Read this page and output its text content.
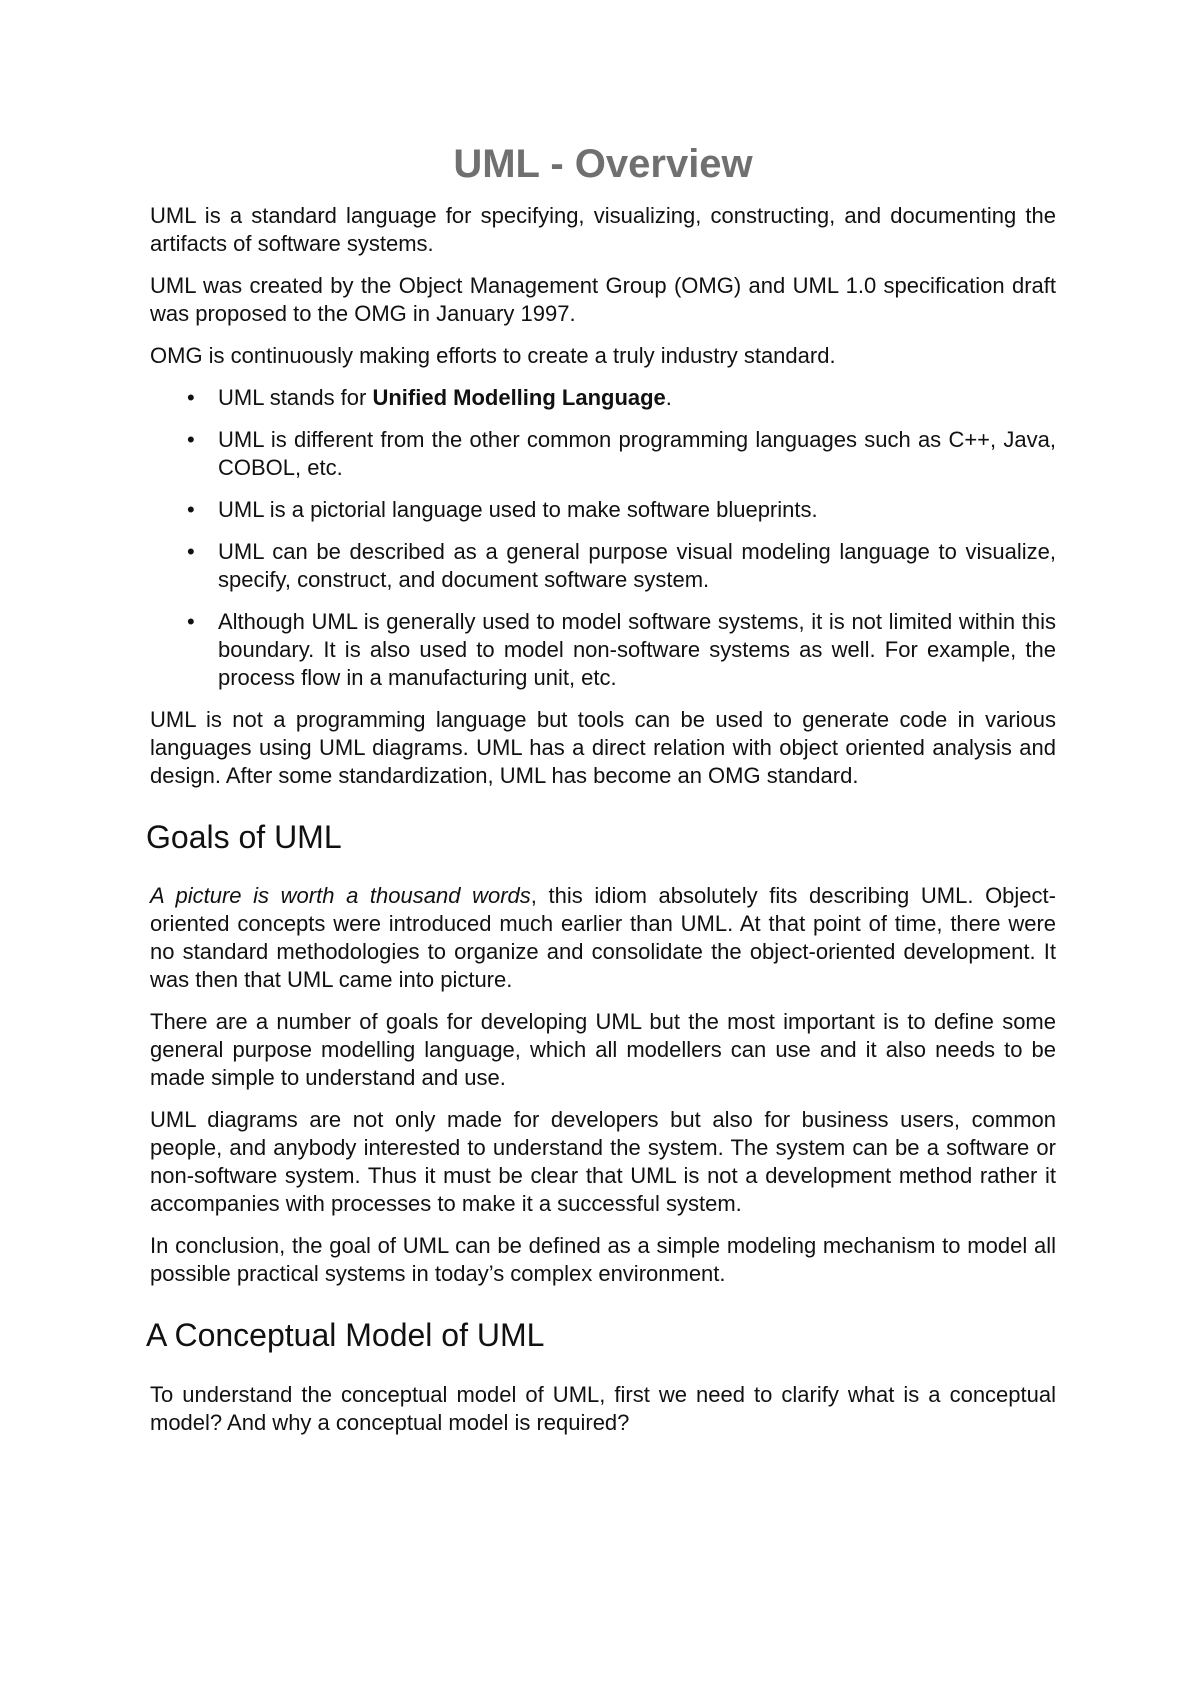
UML - Overview

UML is a standard language for specifying, visualizing, constructing, and documenting the artifacts of software systems.

UML was created by the Object Management Group (OMG) and UML 1.0 specification draft was proposed to the OMG in January 1997.

OMG is continuously making efforts to create a truly industry standard.

• UML stands for Unified Modelling Language.
• UML is different from the other common programming languages such as C++, Java, COBOL, etc.
• UML is a pictorial language used to make software blueprints.
• UML can be described as a general purpose visual modeling language to visualize, specify, construct, and document software system.
• Although UML is generally used to model software systems, it is not limited within this boundary. It is also used to model non-software systems as well. For example, the process flow in a manufacturing unit, etc.

UML is not a programming language but tools can be used to generate code in various languages using UML diagrams. UML has a direct relation with object oriented analysis and design. After some standardization, UML has become an OMG standard.

Goals of UML

A picture is worth a thousand words, this idiom absolutely fits describing UML. Object-oriented concepts were introduced much earlier than UML. At that point of time, there were no standard methodologies to organize and consolidate the object-oriented development. It was then that UML came into picture.

There are a number of goals for developing UML but the most important is to define some general purpose modelling language, which all modellers can use and it also needs to be made simple to understand and use.

UML diagrams are not only made for developers but also for business users, common people, and anybody interested to understand the system. The system can be a software or non-software system. Thus it must be clear that UML is not a development method rather it accompanies with processes to make it a successful system.

In conclusion, the goal of UML can be defined as a simple modeling mechanism to model all possible practical systems in today’s complex environment.

A Conceptual Model of UML

To understand the conceptual model of UML, first we need to clarify what is a conceptual model? And why a conceptual model is required?
